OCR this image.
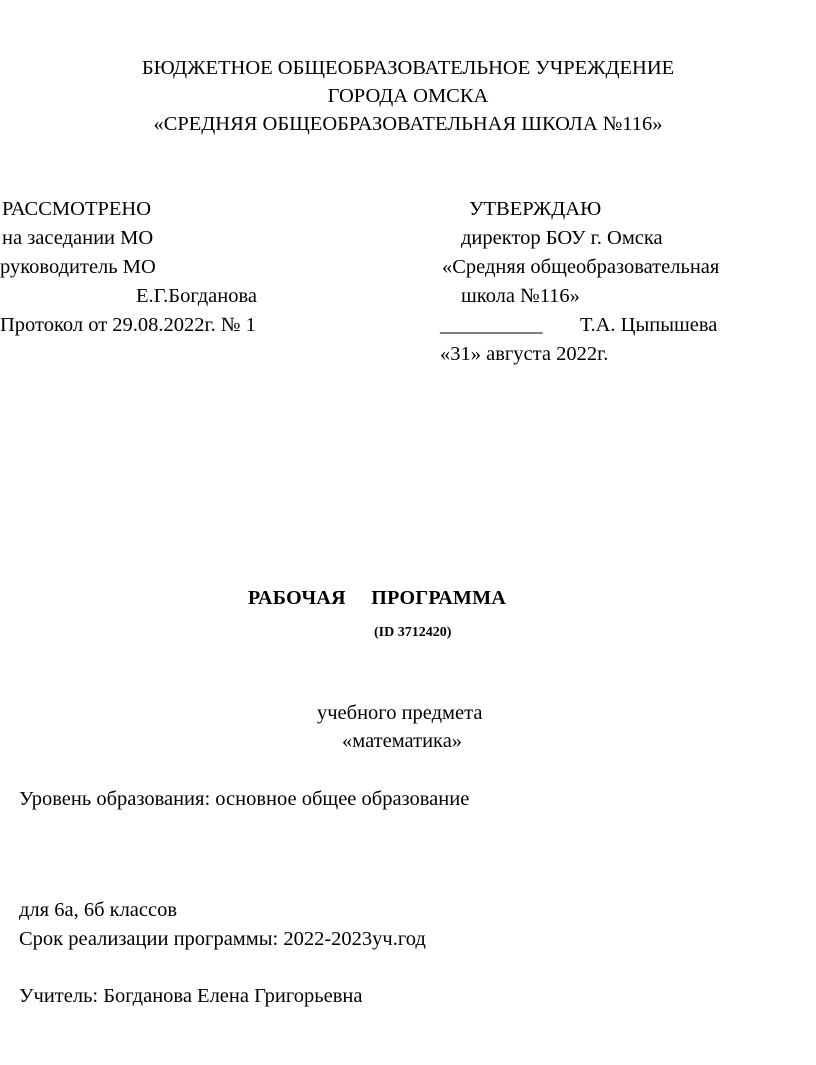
БЮДЖЕТНОЕ ОБЩЕОБРАЗОВАТЕЛЬНОЕ УЧРЕЖДЕНИЕ
ГОРОДА ОМСКА
«СРЕДНЯЯ ОБЩЕОБРАЗОВАТЕЛЬНАЯ ШКОЛА №116»
РАССМОТРЕНО
на заседании МО
руководитель МО
Е.Г.Богданова
Протокол от 29.08.2022г. № 1
УТВЕРЖДАЮ
директор БОУ г. Омска
«Средняя общеобразовательная
школа №116»
__________ Т.А. Цыпышева
«31» августа 2022г.
РАБОЧАЯ ПРОГРАММА
(ID 3712420)
учебного предмета
«математика»
Уровень образования: основное общее образование
для 6а, 6б классов
Срок реализации программы: 2022-2023уч.год
Учитель: Богданова Елена Григорьевна
